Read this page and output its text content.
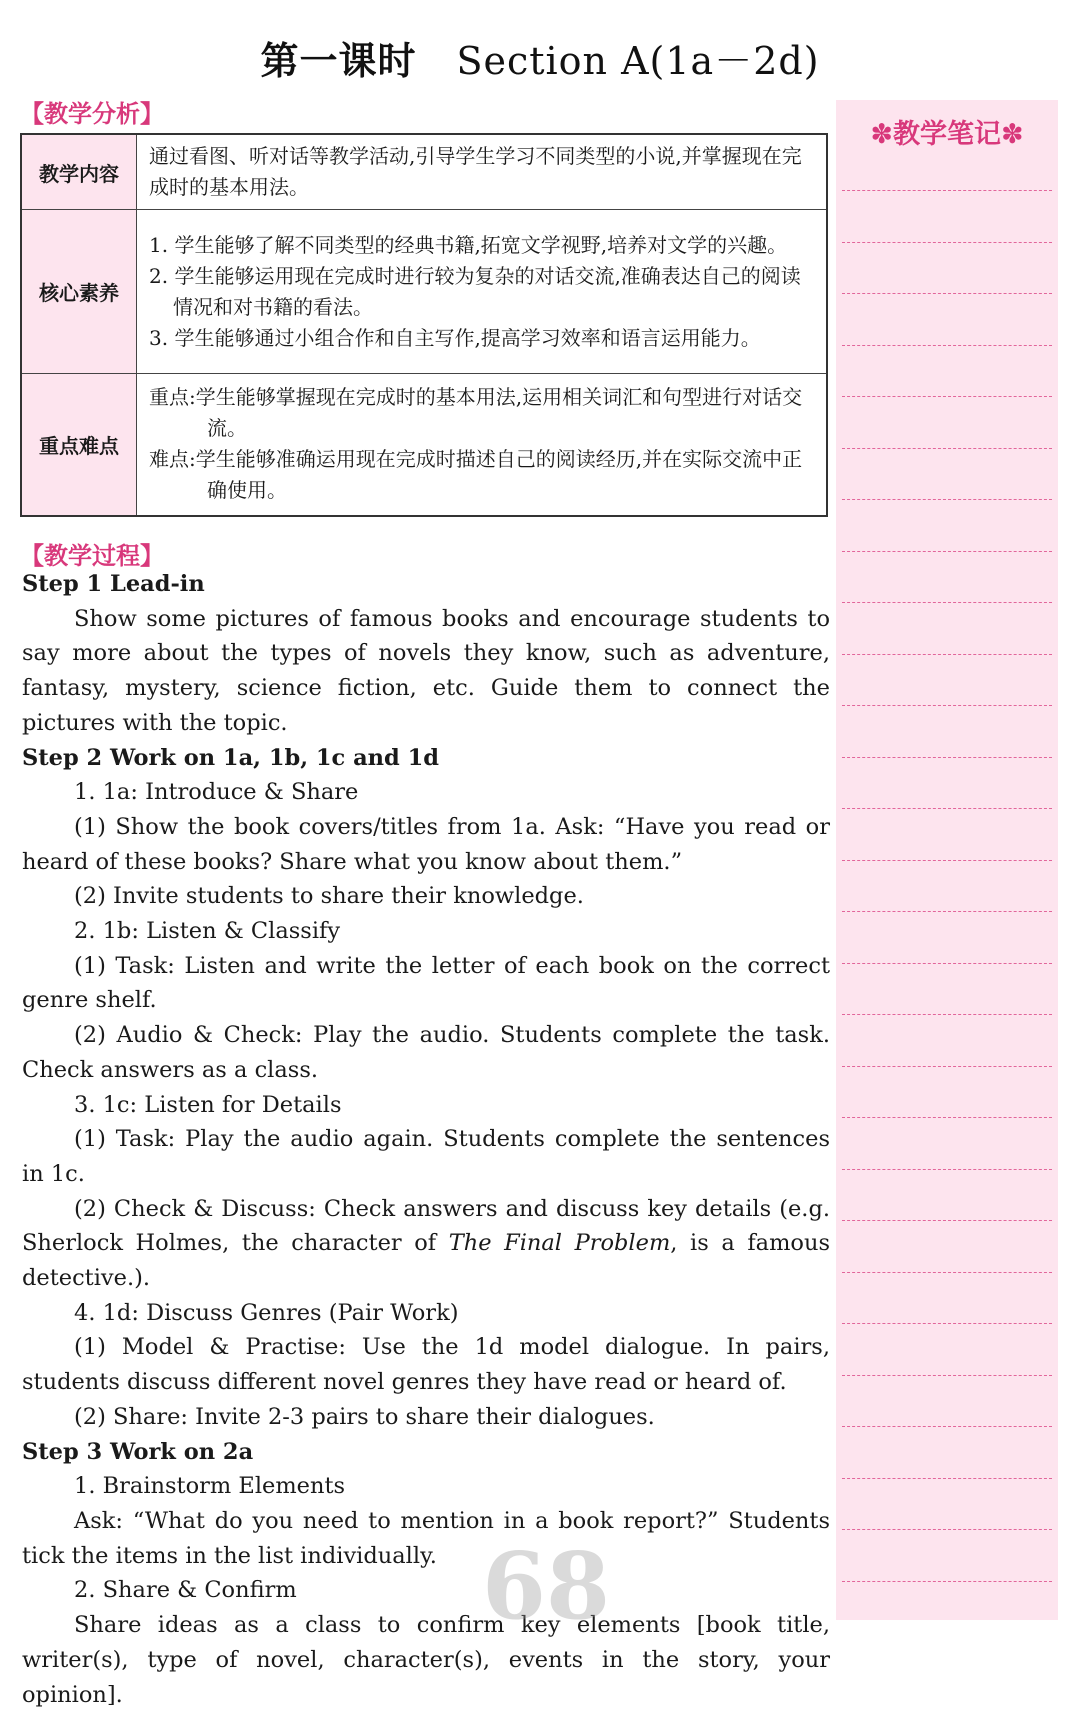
第一课时 Section A(1a－2d)
【教学分析】
教学内容	通过看图、听对话等教学活动,引导学生学习不同类型的小说,并掌握现在完成时的基本用法。

核心素养	1. 学生能够了解不同类型的经典书籍,拓宽文学视野,培养对文学的兴趣。
2. 学生能够运用现在完成时进行较为复杂的对话交流,准确表达自己的阅读情况和对书籍的看法。
3. 学生能够通过小组合作和自主写作,提高学习效率和语言运用能力。

重点难点	重点:学生能够掌握现在完成时的基本用法,运用相关词汇和句型进行对话交流。
难点:学生能够准确运用现在完成时描述自己的阅读经历,并在实际交流中正确使用。
【教学过程】

Step 1 Lead-in

Show some pictures of famous books and encourage students to say more about the types of novels they know, such as adventure, fantasy, mystery, science fiction, etc. Guide them to connect the pictures with the topic.

Step 2 Work on 1a, 1b, 1c and 1d

1. 1a: Introduce & Share

(1) Show the book covers/titles from 1a. Ask: “Have you read or heard of these books? Share what you know about them.”

(2) Invite students to share their knowledge.

2. 1b: Listen & Classify

(1) Task: Listen and write the letter of each book on the correct genre shelf.

(2) Audio & Check: Play the audio. Students complete the task. Check answers as a class.

3. 1c: Listen for Details

(1) Task: Play the audio again. Students complete the sentences in 1c.

(2) Check & Discuss: Check answers and discuss key details (e.g. Sherlock Holmes, the character of The Final Problem, is a famous detective.).

4. 1d: Discuss Genres (Pair Work)

(1) Model & Practise: Use the 1d model dialogue. In pairs, students discuss different novel genres they have read or heard of.

(2) Share: Invite 2-3 pairs to share their dialogues.

Step 3 Work on 2a

1. Brainstorm Elements

Ask: “What do you need to mention in a book report?” Students tick the items in the list individually.

2. Share & Confirm

Share ideas as a class to confirm key elements [book title, writer(s), type of novel, character(s), events in the story, your opinion].

✽教学笔记✽
68
